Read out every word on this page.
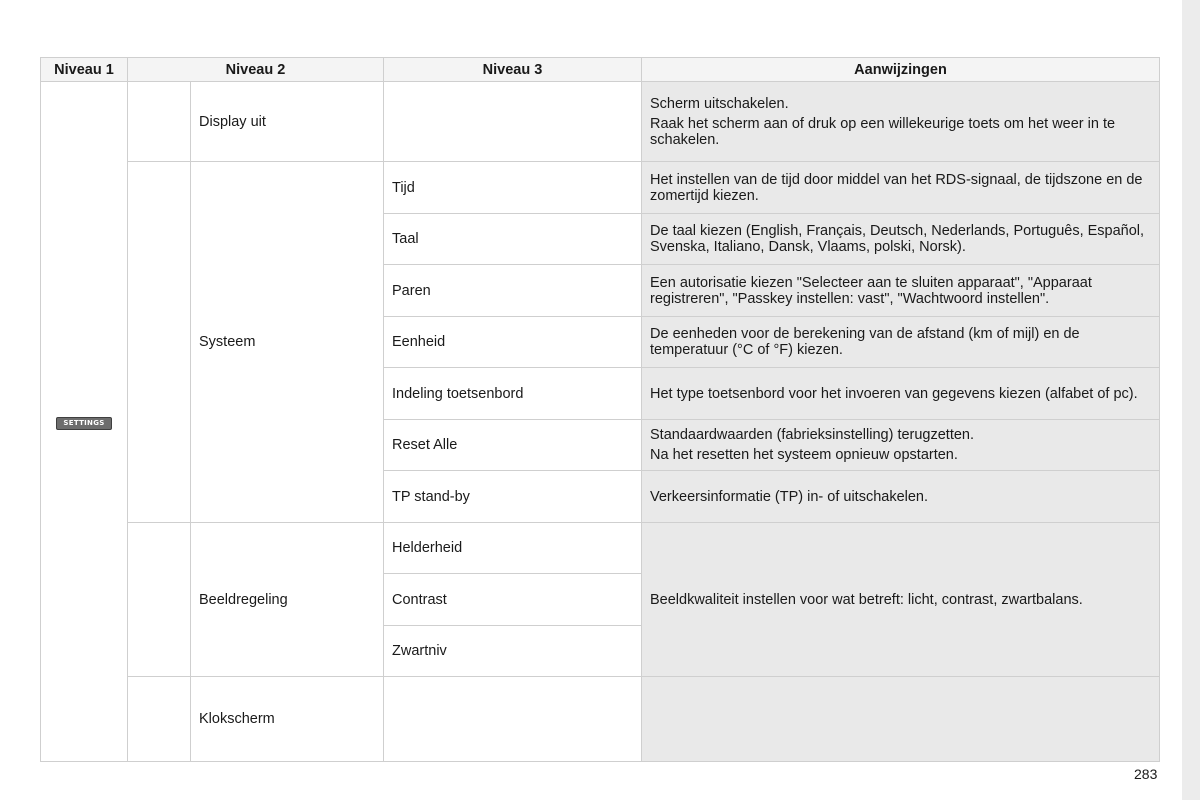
Niveau 1	Niveau 2		Niveau 3	Aanwijzingen
SETTINGS		Display uit		Scherm uitschakelen.

Raak het scherm aan of druk op een willekeurige toets om het weer in te schakelen.

		Systeem	Tijd	Het instellen van de tijd door middel van het RDS-signaal, de tijdszone en de zomertijd kiezen.

			Taal	De taal kiezen (English, Français, Deutsch, Nederlands, Português, Español, Svenska, Italiano, Dansk, Vlaams, polski, Norsk).

			Paren	Een autorisatie kiezen "Selecteer aan te sluiten apparaat", "Apparaat registreren", "Passkey instellen: vast", "Wachtwoord instellen".

			Eenheid	De eenheden voor de berekening van de afstand (km of mijl) en de temperatuur (°C of °F) kiezen.

			Indeling toetsenbord	Het type toetsenbord voor het invoeren van gegevens kiezen (alfabet of pc).

			Reset Alle	Standaardwaarden (fabrieksinstelling) terugzetten.

Na het resetten het systeem opnieuw opstarten.

			TP stand-by	Verkeersinformatie (TP) in- of uitschakelen.

		Beeldregeling	Helderheid	Beeldkwaliteit instellen voor wat betreft: licht, contrast, zwartbalans.

			Contrast	
			Zwartniv	
		Klokscherm		

283
